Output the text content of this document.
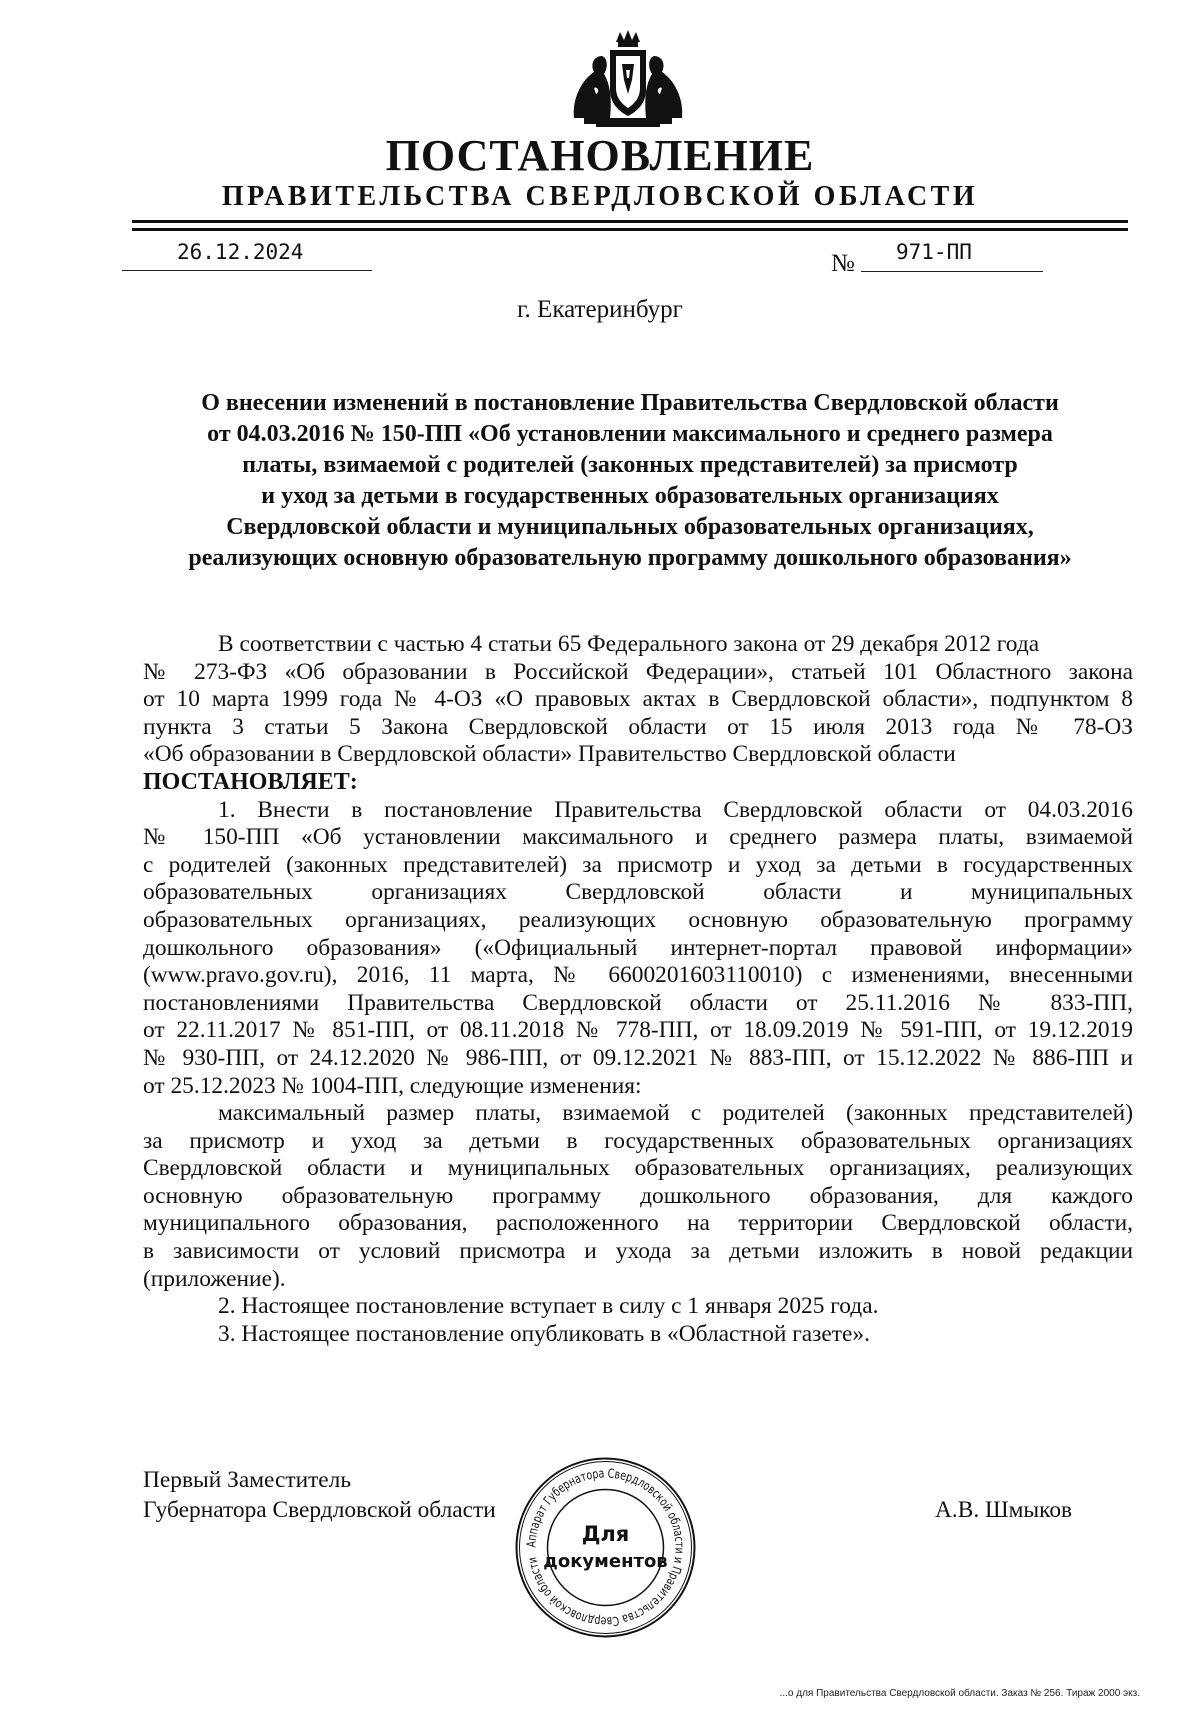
ПОСТАНОВЛЕНИЕ
ПРАВИТЕЛЬСТВА СВЕРДЛОВСКОЙ ОБЛАСТИ
26.12.2024	№ 971-ПП
г. Екатеринбург
О внесении изменений в постановление Правительства Свердловской области
от 04.03.2016 № 150-ПП «Об установлении максимального и среднего размера
платы, взимаемой с родителей (законных представителей) за присмотр
и уход за детьми в государственных образовательных организациях
Свердловской области и муниципальных образовательных организациях,
реализующих основную образовательную программу дошкольного образования»
В соответствии с частью 4 статьи 65 Федерального закона от 29 декабря 2012 года
№ 273-ФЗ «Об образовании в Российской Федерации», статьей 101 Областного закона
от 10 марта 1999 года № 4-ОЗ «О правовых актах в Свердловской области», подпунктом 8
пункта 3 статьи 5 Закона Свердловской области от 15 июля 2013 года № 78-ОЗ
«Об образовании в Свердловской области» Правительство Свердловской области
ПОСТАНОВЛЯЕТ:
1. Внести в постановление Правительства Свердловской области от 04.03.2016
№ 150-ПП «Об установлении максимального и среднего размера платы, взимаемой
с родителей (законных представителей) за присмотр и уход за детьми в государственных
образовательных организациях Свердловской области и муниципальных
образовательных организациях, реализующих основную образовательную программу
дошкольного образования» («Официальный интернет-портал правовой информации»
(www.pravo.gov.ru), 2016, 11 марта, № 6600201603110010) с изменениями, внесенными
постановлениями Правительства Свердловской области от 25.11.2016 № 833-ПП,
от 22.11.2017 № 851-ПП, от 08.11.2018 № 778-ПП, от 18.09.2019 № 591-ПП, от 19.12.2019
№ 930-ПП, от 24.12.2020 № 986-ПП, от 09.12.2021 № 883-ПП, от 15.12.2022 № 886-ПП и
от 25.12.2023 № 1004-ПП, следующие изменения:
максимальный размер платы, взимаемой с родителей (законных представителей)
за присмотр и уход за детьми в государственных образовательных организациях
Свердловской области и муниципальных образовательных организациях, реализующих
основную образовательную программу дошкольного образования, для каждого
муниципального образования, расположенного на территории Свердловской области,
в зависимости от условий присмотра и ухода за детьми изложить в новой редакции
(приложение).
2. Настоящее постановление вступает в силу с 1 января 2025 года.
3. Настоящее постановление опубликовать в «Областной газете».
Первый Заместитель
Губернатора Свердловской области	А.В. Шмыков
Аппарат Губернатора Свердловской области и Правительства Свердловской области
Для
документов
...о для Правительства Свердловской области. Заказ № 256. Тираж 2000 экз.
